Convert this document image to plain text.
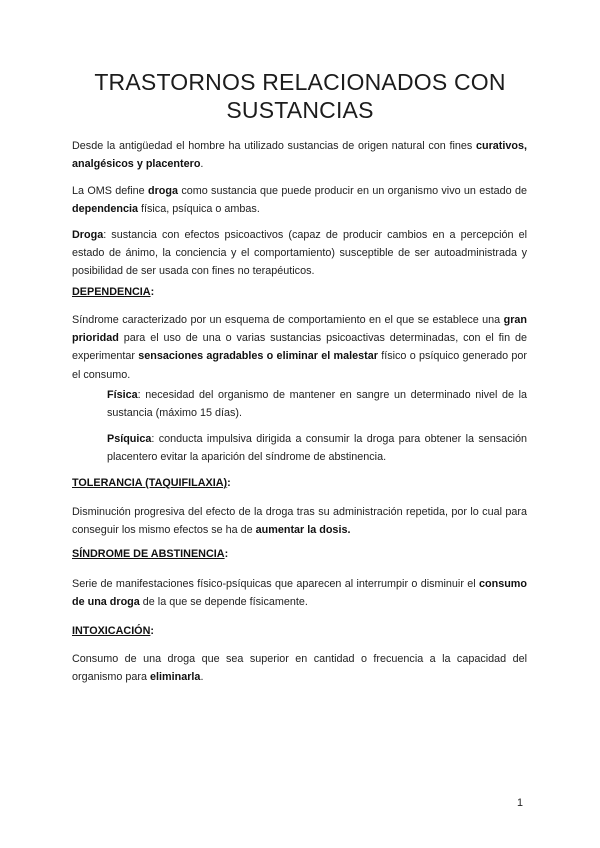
TRASTORNOS RELACIONADOS CON SUSTANCIAS

Desde la antigüedad el hombre ha utilizado sustancias de origen natural con fines curativos, analgésicos y placentero.

La OMS define droga como sustancia que puede producir en un organismo vivo un estado de dependencia física, psíquica o ambas.

Droga: sustancia con efectos psicoactivos (capaz de producir cambios en a percepción el estado de ánimo, la conciencia y el comportamiento) susceptible de ser autoadministrada y posibilidad de ser usada con fines no terapéuticos.

DEPENDENCIA:

Síndrome caracterizado por un esquema de comportamiento en el que se establece una gran prioridad para el uso de una o varias sustancias psicoactivas determinadas, con el fin de experimentar sensaciones agradables o eliminar el malestar físico o psíquico generado por el consumo.

Física: necesidad del organismo de mantener en sangre un determinado nivel de la sustancia (máximo 15 días).

Psíquica: conducta impulsiva dirigida a consumir la droga para obtener la sensación placentero evitar la aparición del síndrome de abstinencia.

TOLERANCIA (TAQUIFILAXIA):

Disminución progresiva del efecto de la droga tras su administración repetida, por lo cual para conseguir los mismo efectos se ha de aumentar la dosis.

SÍNDROME DE ABSTINENCIA:

Serie de manifestaciones físico-psíquicas que aparecen al interrumpir o disminuir el consumo de una droga de la que se depende físicamente.

INTOXICACIÓN:

Consumo de una droga que sea superior en cantidad o frecuencia a la capacidad del organismo para eliminarla.

1
